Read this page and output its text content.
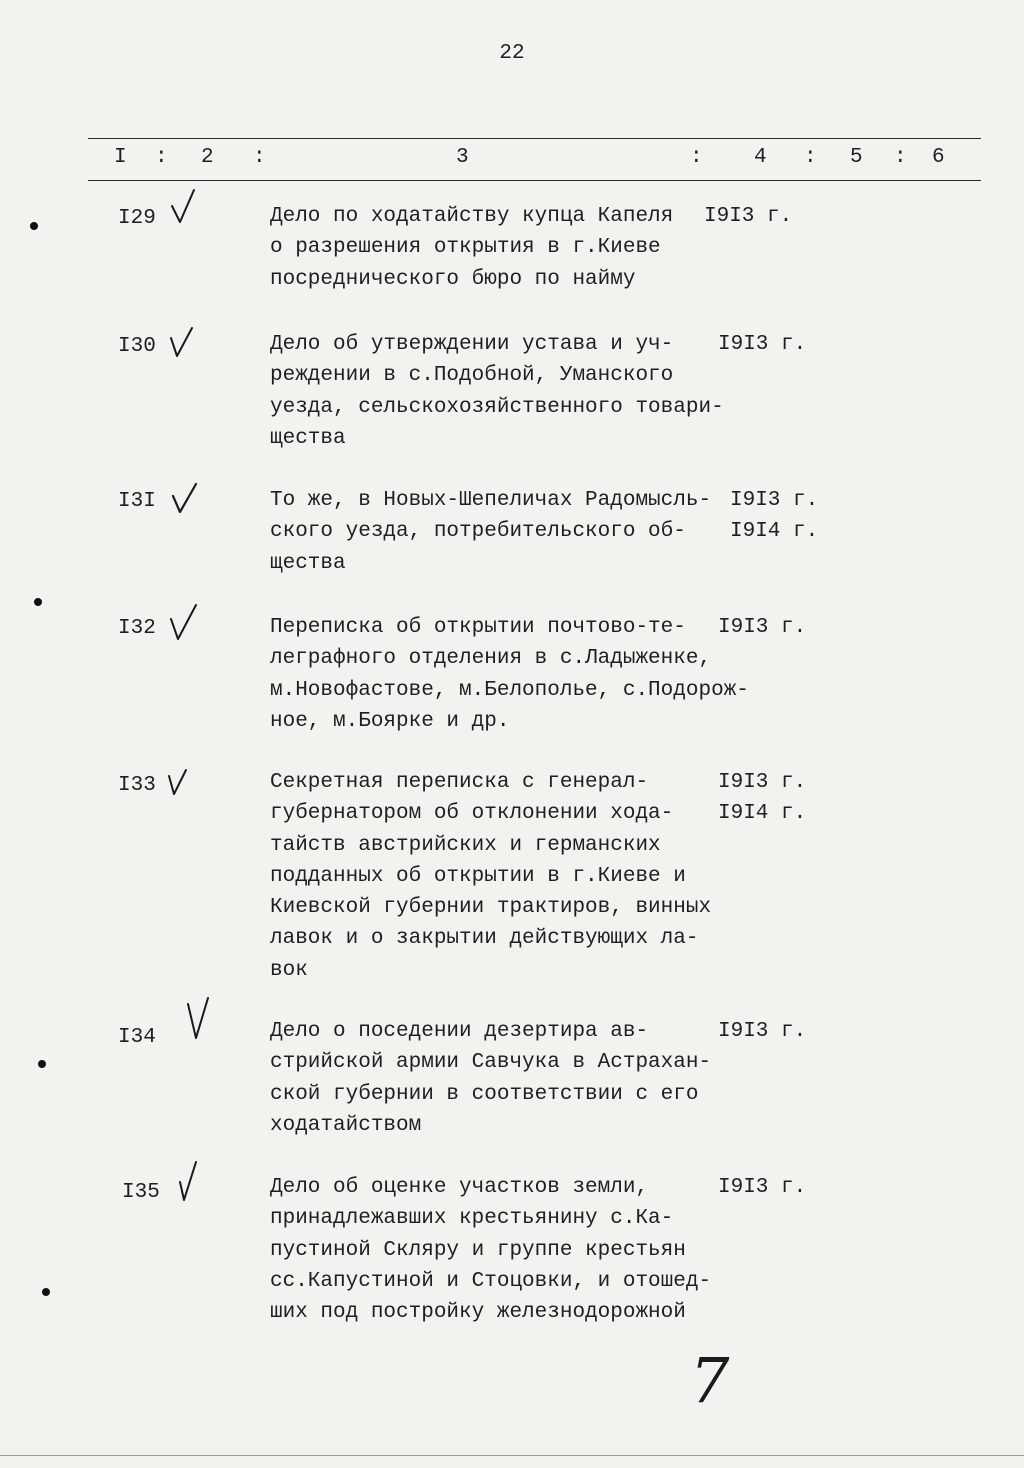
22
I : 2 :	3	: 4 : 5 : 6
I29	Дело по ходатайству купца Капеля
о разрешения открытия в г.Киеве
посреднического бюро по найму
I9I3 г.
I30	Дело об утверждении устава и уч-
реждении в с.Подобной, Уманского
уезда, сельскохозяйственного товари-
щества
I9I3 г.
I3I	То же, в Новых-Шепеличах Радомысль-
ского уезда, потребительского об-
щества
I9I3 г.
I9I4 г.
I32	Переписка об открытии почтово-те-
леграфного отделения в с.Ладыженке,
м.Новофастове, м.Белополье, с.Подорож-
ное, м.Боярке и др.
I9I3 г.
I33	Секретная переписка с генерал-
губернатором об отклонении хода-
тайств австрийских и германских
подданных об открытии в г.Киеве и
Киевской губернии трактиров, винных
лавок и о закрытии действующих ла-
вок
I9I3 г.
I9I4 г.
I34	Дело о поседении дезертира ав-
стрийской армии Савчука в Астрахан-
ской губернии в соответствии с его
ходатайством
I9I3 г.
I35	Дело об оценке участков земли,
принадлежавших крестьянину с.Ка-
пустиной Скляру и группе крестьян
сс.Капустиной и Стоцовки, и отошед-
ших под постройку железнодорожной
I9I3 г.
7
